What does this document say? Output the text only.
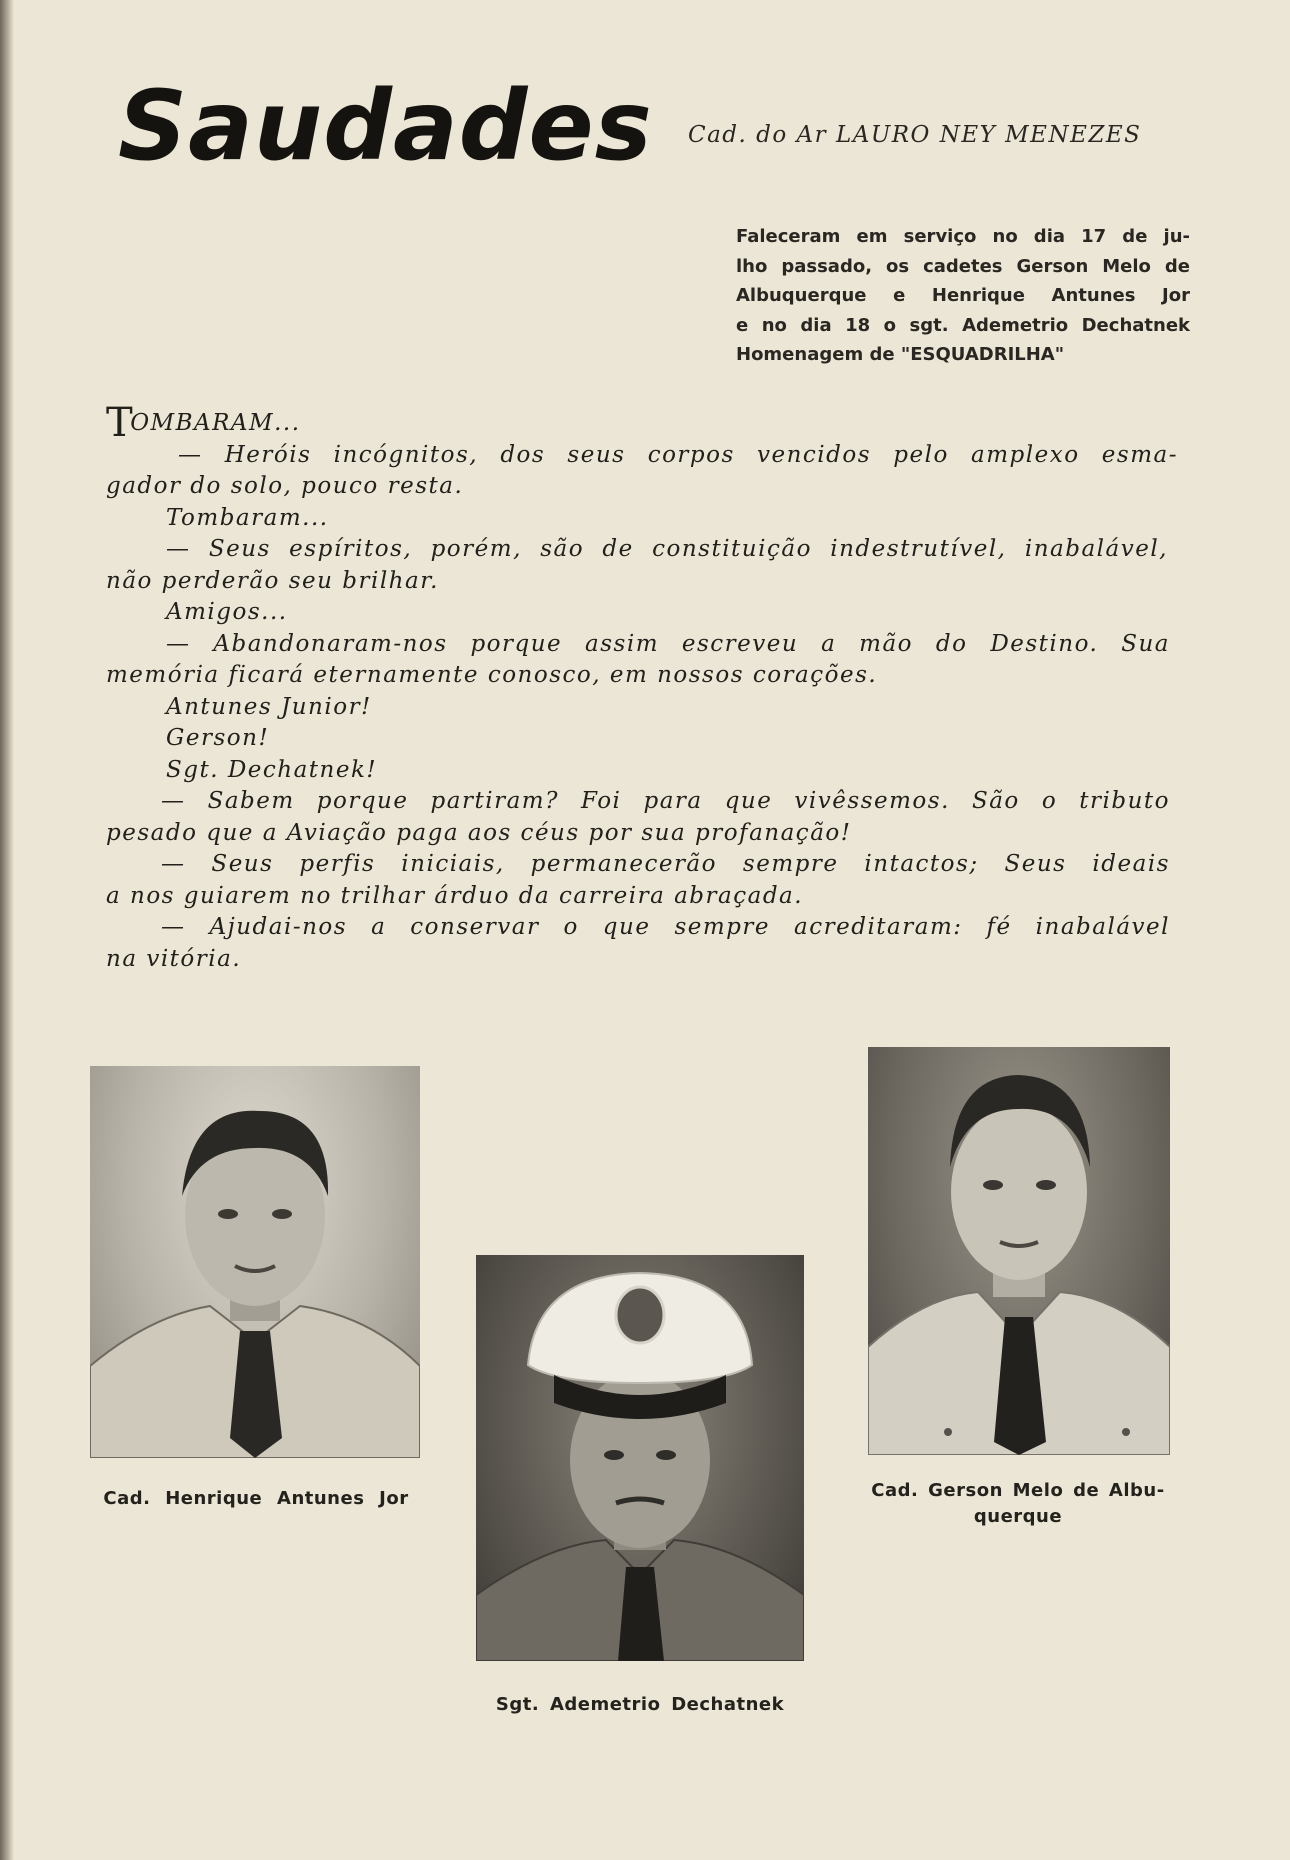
Saudades Cad. do Ar LAURO NEY MENEZES

Faleceram em serviço no dia 17 de ju-
lho passado, os cadetes Gerson Melo de
Albuquerque e Henrique Antunes Jor
e no dia 18 o sgt. Ademetrio Dechatnek
Homenagem de "ESQUADRILHA"

TOMBARAM...
— Heróis incógnitos, dos seus corpos vencidos pelo amplexo esma-
gador do solo, pouco resta.
Tombaram...
— Seus espíritos, porém, são de constituição indestrutível, inabalável,
não perderão seu brilhar.
Amigos...
— Abandonaram-nos porque assim escreveu a mão do Destino. Sua
memória ficará eternamente conosco, em nossos corações.
Antunes Junior!
Gerson!
Sgt. Dechatnek!
— Sabem porque partiram? Foi para que vivêssemos. São o tributo
pesado que a Aviação paga aos céus por sua profanação!
— Seus perfis iniciais, permanecerão sempre intactos; Seus ideais
a nos guiarem no trilhar árduo da carreira abraçada.
— Ajudai-nos a conservar o que sempre acreditaram: fé inabalável
na vitória.
Cad. Henrique Antunes Jor
Sgt. Ademetrio Dechatnek
Cad. Gerson Melo de Albu-
querque
